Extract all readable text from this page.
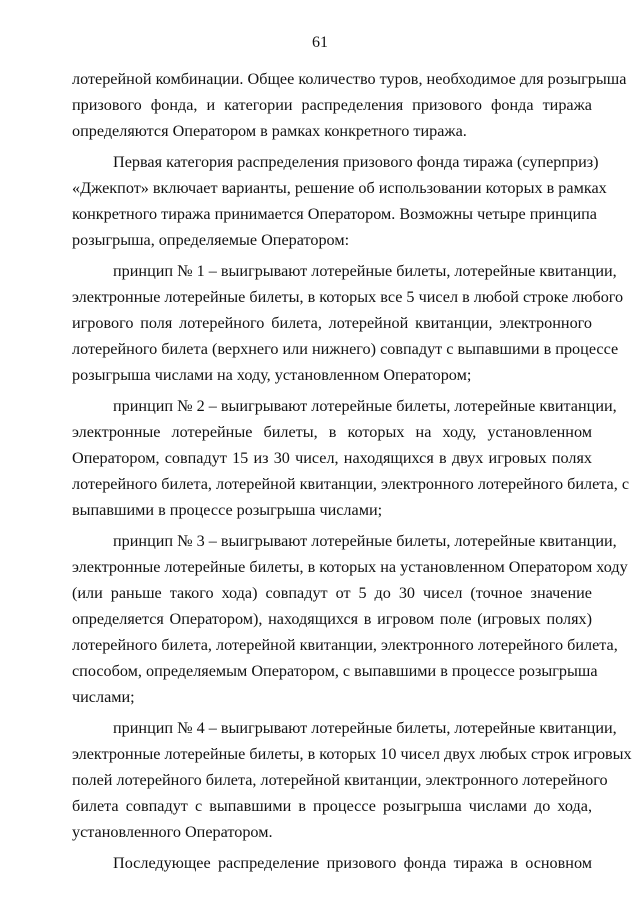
61
лотерейной комбинации. Общее количество туров, необходимое для розыгрыша
призового фонда, и категории распределения призового фонда тиража
определяются Оператором в рамках конкретного тиража.
Первая категория распределения призового фонда тиража (суперприз)
«Джекпот» включает варианты, решение об использовании которых в рамках
конкретного тиража принимается Оператором. Возможны четыре принципа
розыгрыша, определяемые Оператором:
принцип № 1 – выигрывают лотерейные билеты, лотерейные квитанции,
электронные лотерейные билеты, в которых все 5 чисел в любой строке любого
игрового поля лотерейного билета, лотерейной квитанции, электронного
лотерейного билета (верхнего или нижнего) совпадут с выпавшими в процессе
розыгрыша числами на ходу, установленном Оператором;
принцип № 2 – выигрывают лотерейные билеты, лотерейные квитанции,
электронные лотерейные билеты, в которых на ходу, установленном
Оператором, совпадут 15 из 30 чисел, находящихся в двух игровых полях
лотерейного билета, лотерейной квитанции, электронного лотерейного билета, с
выпавшими в процессе розыгрыша числами;
принцип № 3 – выигрывают лотерейные билеты, лотерейные квитанции,
электронные лотерейные билеты, в которых на установленном Оператором ходу
(или раньше такого хода) совпадут от 5 до 30 чисел (точное значение
определяется Оператором), находящихся в игровом поле (игровых полях)
лотерейного билета, лотерейной квитанции, электронного лотерейного билета,
способом, определяемым Оператором, с выпавшими в процессе розыгрыша
числами;
принцип № 4 – выигрывают лотерейные билеты, лотерейные квитанции,
электронные лотерейные билеты, в которых 10 чисел двух любых строк игровых
полей лотерейного билета, лотерейной квитанции, электронного лотерейного
билета совпадут с выпавшими в процессе розыгрыша числами до хода,
установленного Оператором.
Последующее распределение призового фонда тиража в основном
